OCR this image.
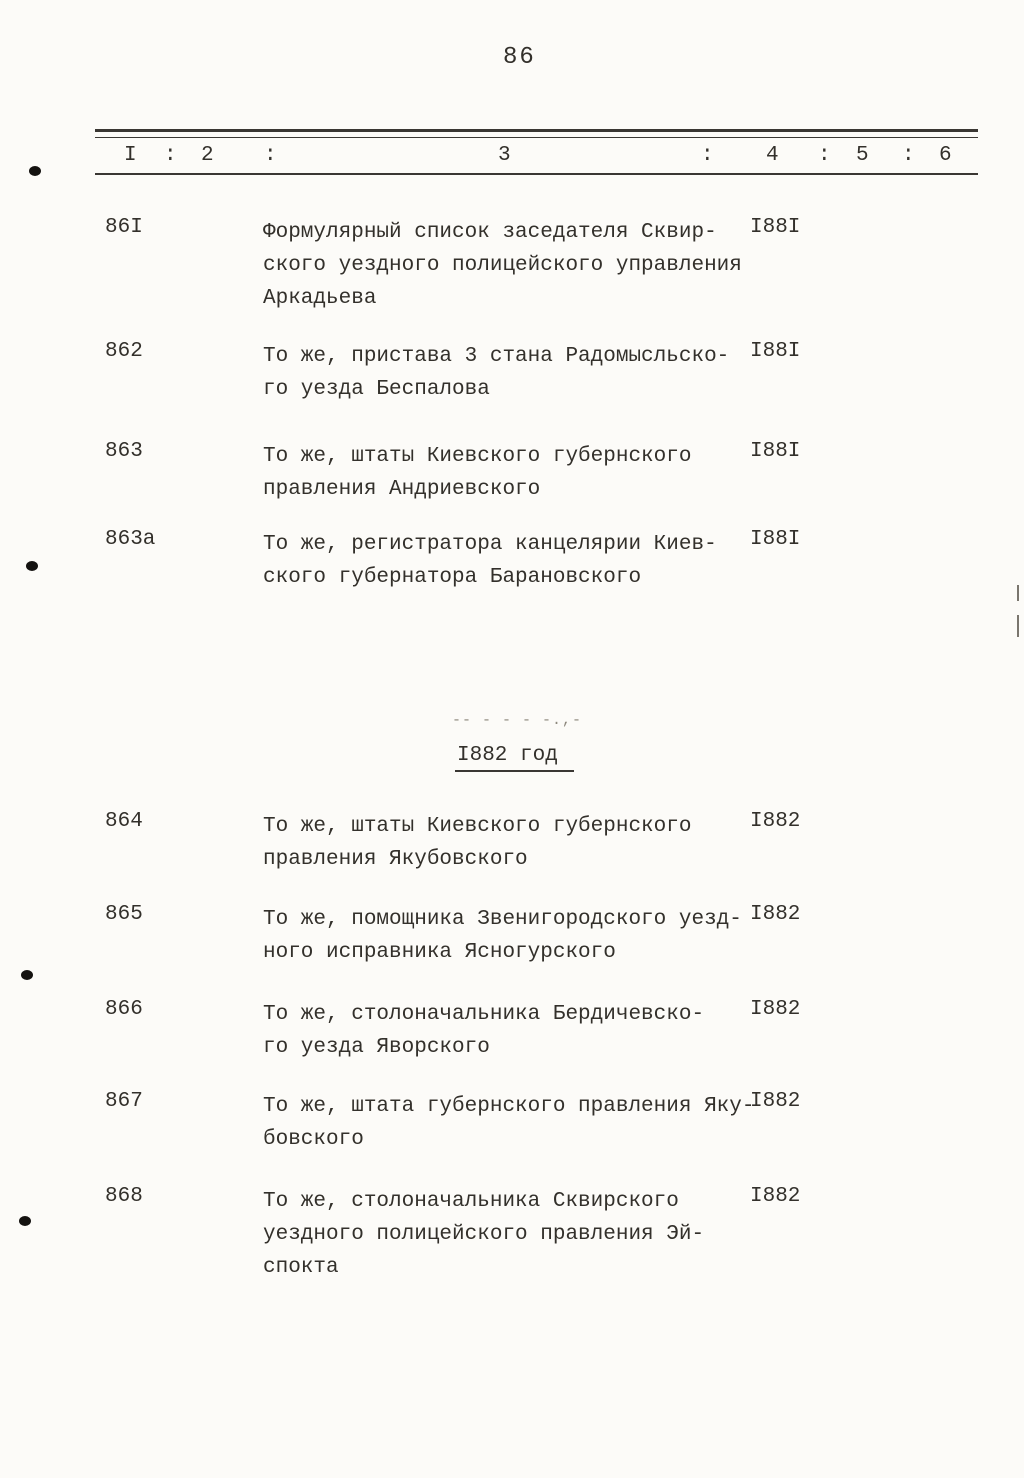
86
I : 2 :	3	: 4 : 5 : 6
86I	Формулярный список заседателя Сквир-
ского уездного полицейского управления
Аркадьева
I88I
862	То же, пристава 3 стана Радомысльско-
го уезда Беспалова
I88I
863	То же, штаты Киевского губернского
правления Андриевского
I88I
863а	То же, регистратора канцелярии Киев-
ского губернатора Барановского
I88I
-- - - - -.,-
I882 год
864	То же, штаты Киевского губернского
правления Якубовского
I882
865	То же, помощника Звенигородского уезд-
ного исправника Ясногурского
I882
866	То же, столоначальника Бердичевско-
го уезда Яворского
I882
867	То же, штата губернского правления Яку-
бовского
I882
868	То же, столоначальника Сквирского
уездного полицейского правления Эй-
спокта
I882
